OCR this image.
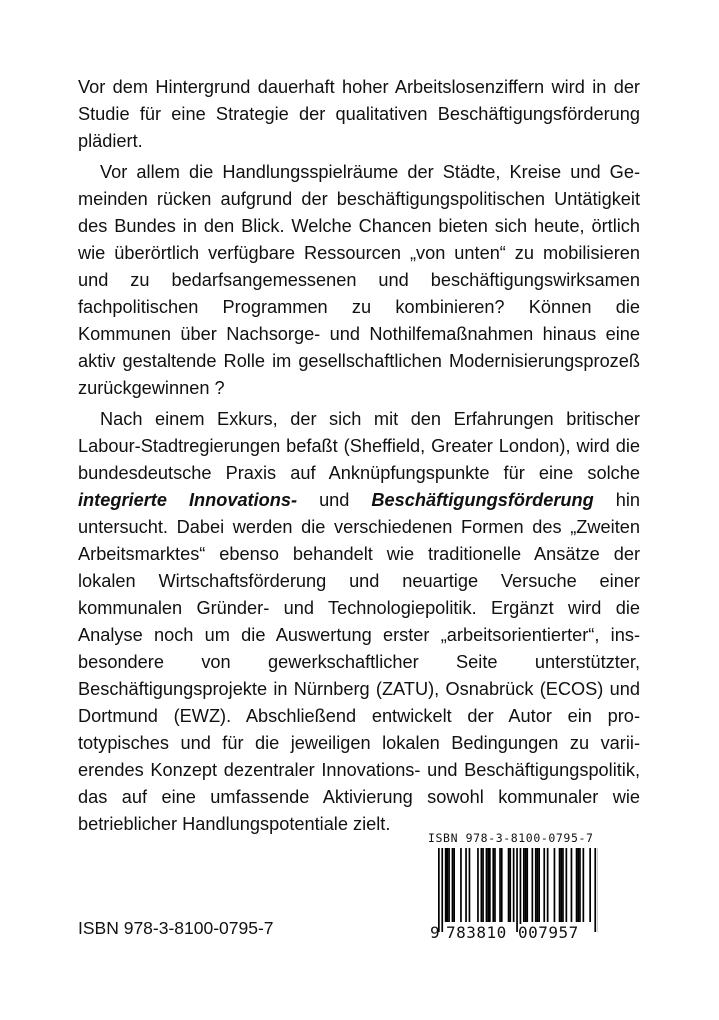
Vor dem Hintergrund dauerhaft hoher Arbeitslosenziffern wird in der Studie für eine Strategie der qualitativen Beschäftigungsförderung plädiert.

Vor allem die Handlungsspielräume der Städte, Kreise und Gemeinden rücken aufgrund der beschäftigungspolitischen Untätigkeit des Bundes in den Blick. Welche Chancen bieten sich heute, örtlich wie überörtlich verfügbare Ressourcen „von unten“ zu mobilisieren und zu bedarfsangemessenen und beschäftigungswirksamen fachpolitischen Programmen zu kombinieren? Können die Kommunen über Nachsorge- und Nothilfemaßnahmen hinaus eine aktiv gestaltende Rolle im gesellschaftlichen Modernisierungsprozeß zurückgewinnen ?

Nach einem Exkurs, der sich mit den Erfahrungen britischer Labour-Stadtregierungen befaßt (Sheffield, Greater London), wird die bundesdeutsche Praxis auf Anknüpfungspunkte für eine solche integrierte Innovations- und Beschäftigungsförderung hin untersucht. Dabei werden die verschiedenen Formen des „Zweiten Arbeitsmarktes“ ebenso behandelt wie traditionelle Ansätze der lokalen Wirtschaftsförderung und neuartige Versuche einer kommunalen Gründer- und Technologiepolitik. Ergänzt wird die Analyse noch um die Auswertung erster „arbeitsorientierter“, insbesondere von gewerkschaftlicher Seite unterstützter, Beschäftigungsprojekte in Nürnberg (ZATU), Osnabrück (ECOS) und Dortmund (EWZ). Abschließend entwickelt der Autor ein prototypisches und für die jeweiligen lokalen Bedingungen zu variierendes Konzept dezentraler Innovations- und Beschäftigungspolitik, das auf eine umfassende Aktivierung sowohl kommunaler wie betrieblicher Handlungspotentiale zielt.

ISBN 978-3-8100-0795-7
ISBN 978-3-8100-0795-7
9 783810 007957
